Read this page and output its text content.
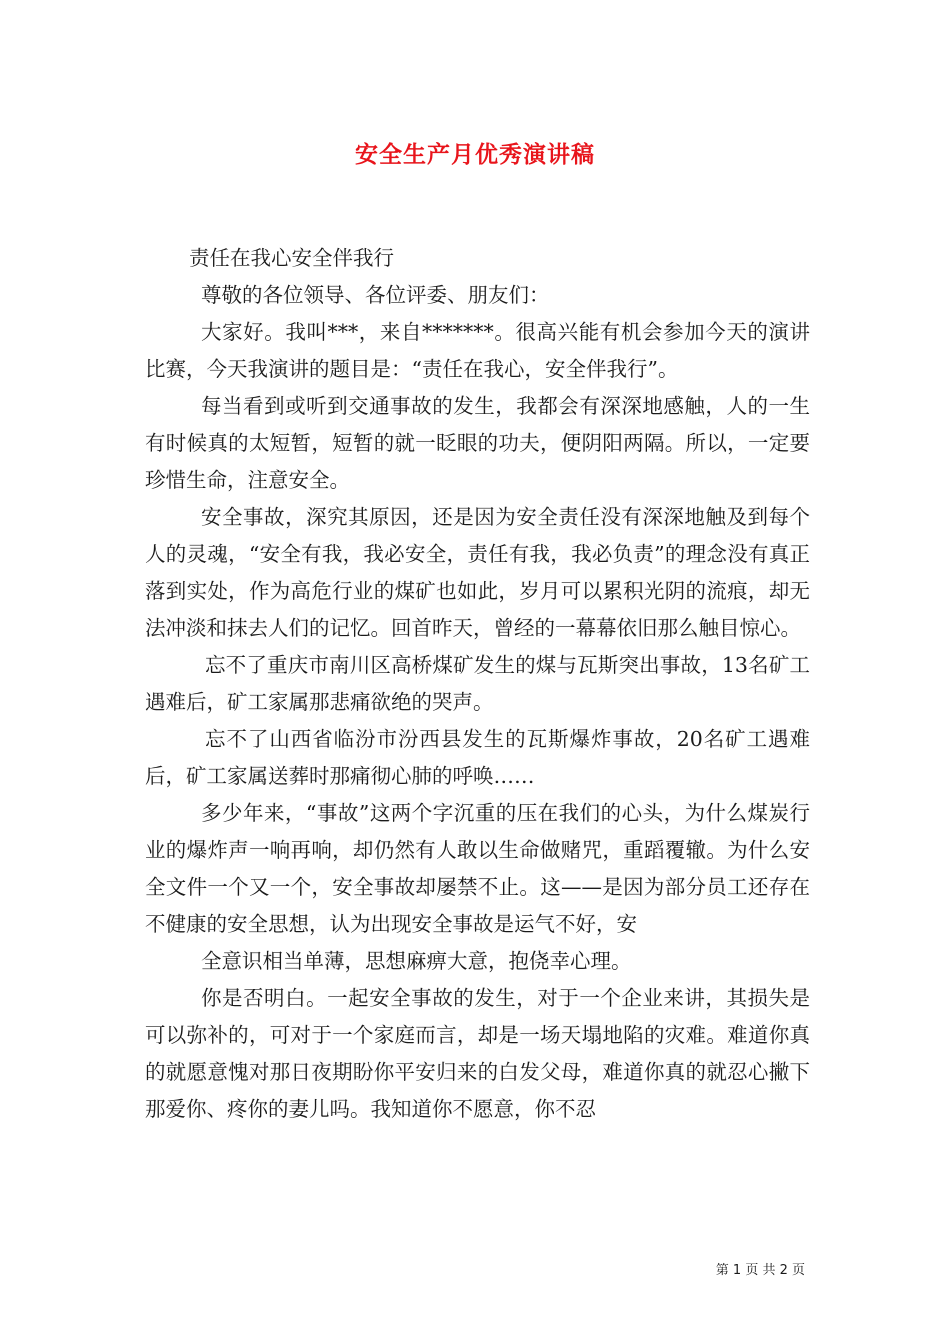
安全生产月优秀演讲稿

责任在我心安全伴我行

尊敬的各位领导、各位评委、朋友们：

大家好。我叫***，来自*******。很高兴能有机会参加今天的演讲比赛，今天我演讲的题目是：“责任在我心，安全伴我行”。

每当看到或听到交通事故的发生，我都会有深深地感触，人的一生有时候真的太短暂，短暂的就一眨眼的功夫，便阴阳两隔。所以，一定要珍惜生命，注意安全。

安全事故，深究其原因，还是因为安全责任没有深深地触及到每个人的灵魂，“安全有我，我必安全，责任有我，我必负责”的理念没有真正落到实处，作为高危行业的煤矿也如此，岁月可以累积光阴的流痕，却无法冲淡和抹去人们的记忆。回首昨天，曾经的一幕幕依旧那么触目惊心。

忘不了重庆市南川区高桥煤矿发生的煤与瓦斯突出事故，13名矿工遇难后，矿工家属那悲痛欲绝的哭声。

忘不了山西省临汾市汾西县发生的瓦斯爆炸事故，20名矿工遇难后，矿工家属送葬时那痛彻心肺的呼唤……

多少年来，“事故”这两个字沉重的压在我们的心头，为什么煤炭行业的爆炸声一响再响，却仍然有人敢以生命做赌咒，重蹈覆辙。为什么安全文件一个又一个，安全事故却屡禁不止。这——是因为部分员工还存在不健康的安全思想，认为出现安全事故是运气不好，安

全意识相当单薄，思想麻痹大意，抱侥幸心理。

你是否明白。一起安全事故的发生，对于一个企业来讲，其损失是可以弥补的，可对于一个家庭而言，却是一场天塌地陷的灾难。难道你真的就愿意愧对那日夜期盼你平安归来的白发父母，难道你真的就忍心撇下那爱你、疼你的妻儿吗。我知道你不愿意，你不忍

第 1 页 共 2 页
